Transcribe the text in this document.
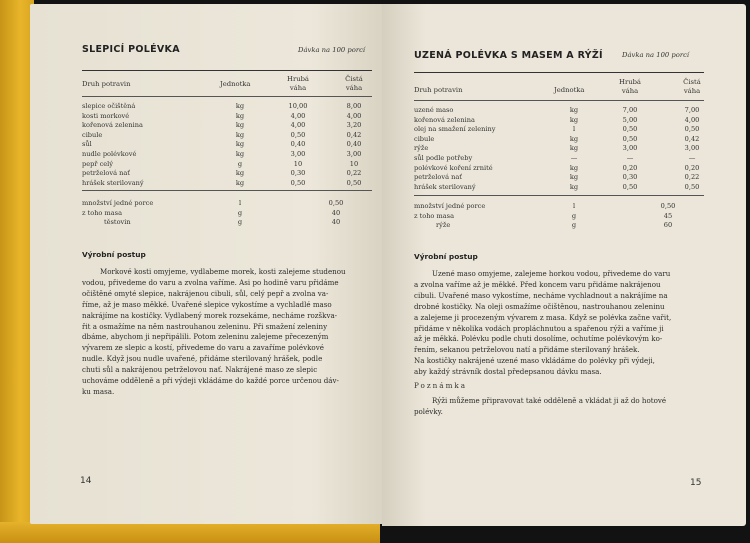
SLEPICÍ POLÉVKA	Dávka na 100 porcí
Druh potravin	Jednotka
Hrubá
váha
Čistá
váha
slepice očištěná	kg	10,00	8,00
kosti morkové	kg	4,00	4,00
kořenová zelenina	kg	4,00	3,20
cibule	kg	0,50	0,42
sůl	kg	0,40	0,40
nudle polévkové	kg	3,00	3,00
pepř celý	g	10	10
petrželová nať	kg	0,30	0,22
hrášek sterilovaný	kg	0,50	0,50
množství jedné porce	l	0,50
z toho masa	g	40
těstovin	g	40
Výrobní postup
Morkové kosti omyjeme, vydlabeme morek, kosti zalejeme studenou
vodou, přivedeme do varu a zvolna vaříme. Asi po hodině varu přidáme
očištěné omyté slepice, nakrájenou cibuli, sůl, celý pepř a zvolna va-
říme, až je maso měkké. Uvařené slepice vykostíme a vychladlé maso
nakrájíme na kostičky. Vydlabený morek rozsekáme, necháme rozškva-
řit a osmažíme na něm nastrouhanou zeleninu. Při smažení zeleniny
dbáme, abychom ji nepřipálili. Potom zeleninu zalejeme přecezeným
vývarem ze slepic a kostí, přivedeme do varu a zavaříme polévkové
nudle. Když jsou nudle uvařené, přidáme sterilovaný hrášek, podle
chuti sůl a nakrájenou petrželovou nať. Nakrájené maso ze slepic
uchováme odděleně a při výdeji vkládáme do každé porce určenou dáv-
ku masa.
14
UZENÁ POLÉVKA S MASEM A RÝŽÍ	Dávka na 100 porcí
Druh potravin	Jednotka
Hrubá
váha
Čistá
váha
uzené maso	kg	7,00	7,00
kořenová zelenina	kg	5,00	4,00
olej na smažení zeleniny	l	0,50	0,50
cibule	kg	0,50	0,42
rýže	kg	3,00	3,00
sůl podle potřeby	—	—	—
polévkové koření zrnité	kg	0,20	0,20
petrželová nať	kg	0,30	0,22
hrášek sterilovaný	kg	0,50	0,50
množství jedné porce	l	0,50
z toho masa	g	45
rýže	g	60
Výrobní postup
Uzené maso omyjeme, zalejeme horkou vodou, přivedeme do varu
a zvolna vaříme až je měkké. Před koncem varu přidáme nakrájenou
cibuli. Uvařené maso vykostíme, necháme vychladnout a nakrájíme na
drobné kostičky. Na oleji osmažíme očištěnou, nastrouhanou zeleninu
a zalejeme ji procezeným vývarem z masa. Když se polévka začne vařit,
přidáme v několika vodách propláchnutou a spařenou rýži a vaříme ji
až je měkká. Polévku podle chuti dosolíme, ochutíme polévkovým ko-
řením, sekanou petrželovou natí a přidáme sterilovaný hrášek.
Na kostičky nakrájené uzené maso vkládáme do polévky při výdeji,
aby každý strávník dostal předepsanou dávku masa.
Poznámka
Rýži můžeme připravovat také odděleně a vkládat ji až do hotové
polévky.
15
